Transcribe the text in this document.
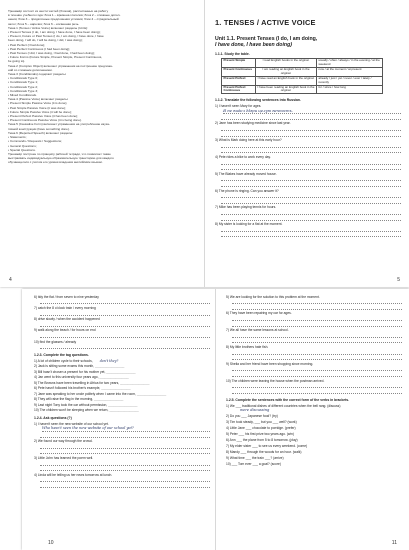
Тренажёр состоит из шести частей (блоков), рассчитанных на работу
в течение учебного года: блок 1 – времена глаголов; блок 2 – сложные допол-
нения; блок 3 – придаточные предложения условия; блок 4 – страдательный
залог; блок 5 – наречия; блок 6 – косвенная речь.
Тема 1 (Tenses / Active Voice) включает разделы (Units):
• Present Tenses (I do, I am doing, I have done, I have been doing);
• Present, Future or Past Tenses (I do, I am doing, I have done, I have
been doing, I will do, I will be doing, I did, I was doing);
• Past Perfect (I had done);
• Past Perfect Continuous (I had been doing);
• Past Tenses (I did, I was doing, I had done, I had been doing);
• Future Forms (Future Simple, Present Simple, Present Continuous,
be going to).
Тема 2 (Complex Object) включает упражнения на построение предложе-
ний со сложным дополнением.
Тема 3 (Conditionals) содержит разделы:
• Conditionals Type 0;
• Conditionals Type 1;
• Conditionals Type 2;
• Conditionals Type 3;
• Mixed Conditionals.
Тема 4 (Passive Voice) включает разделы:
• Present Simple Passive Voice (it is done);
• Past Simple Passive Voice (it was done);
• Future Simple Passive Voice (it will be done);
• Present Perfect Passive Voice (it has been done);
• Present Continuous Passive Voice (it is being done).
Тема 5 (Causative Form) включает упражнения на употребление кауза-
тивной конструкции (have something done).
Тема 6 (Reported Speech) включает разделы:
• Statements;
• Commands / Requests / Suggestions;
• General Questions;
• Special Questions.
Тренажёр построен по принципу рабочей тетради, что позволяет также
выстраивать индивидуальную образовательную траекторию для каждого
обучающегося с учётом его уровня владения английским языком.
4
1. TENSES / ACTIVE VOICE
Unit 1.1. Present Tenses (I do, I am doing,
I have done, I have been doing)
1.1.1. Study the table.
Present Simple	I read English books in the original.	usually / often / always / in the evening / at the weekend
Present Continuous	I am reading an English book in the original.	now / at the moment / at present
Present Perfect	I have read an English book in the original.	already / just / yet / never / ever / lately / recently
Present Perfect Continuous	I have been reading an English book in the original.	for / since / how long
1.1.2. Translate the following sentences into Russian.
1) I haven't seen Mary for ages.
Я не видел Мэри целую вечность.
2) Jane has been studying medicine since last year.
3) What is Mark doing here at this early hour?
4) Pete rides a bike to work every day.
5) The Blakes have already moved house.
6) The phone is ringing. Can you answer it?
7) Mike has been playing tennis for hours.
8) My sister is looking for a flat at the moment.
5
6) tidy the flat / from seven to nine yesterday
7) catch the 8 o'clock train / every morning
8) drive slowly / when the accident happened
9) walk along the beach / for hours on end
10) find the glasses / already
1.2.3. Complete the tag questions.
1) A lot of children cycle to their schools, don't they?
2) Jack is sitting some exams this month, ________________
3) Bill hasn't chosen a present for his mother yet, ________________
4) Jan went to this university four years ago, ________________
5) The Browns have been travelling in Africa for two years, ________________
6) Pete hasn't followed his brother's example, ________________
7) Jane was speaking to her uncle politely when I came into the room, ________________
8) They will raise the flag in the morning, ________________
9) Last night Tony took the car without permission, ________________
10) The children won't be sleeping when we return, ________________
1.2.4. Ask questions (?)
1) I haven't seen the new website of our school yet.
Who hasn't seen the new website of our school yet?
2) We found our way through the crowd.
3) Little John has learned the poem well.
4) Linda will be telling us her news tomorrow at lunch.
10
5) We are looking for the solution to this problem at the moment.
6) They have been repairing my car for ages.
7) We all have the same lessons at school.
8) My little brothers hate fish.
9) Sheila and her friend have been shopping since morning.
10) The children were leaving the house when the postman arrived.
1.2.5. Complete the sentences with the correct form of the verbs in brackets.
1) We ___ traditional dishes of different countries when the bell rang. (discuss)
were discussing
2) Do you ___ Japanese food? (try)
3) Tim took steady, ___ but you ___ well? (work)
4) Little Jane ___ chocolate to porridge. (prefer)
5) Peter ___ his first prize two years ago. (win)
6) Ann ___ the plane from 5 to 8 tomorrow. (play)
7) My elder sister ___ to see us every weekend. (come)
8) Mandy ___ through the woods for an hour. (walk)
9) What time ___ the train ___? (arrive)
10) ___ Tom ever ___ a goal? (score)
11
